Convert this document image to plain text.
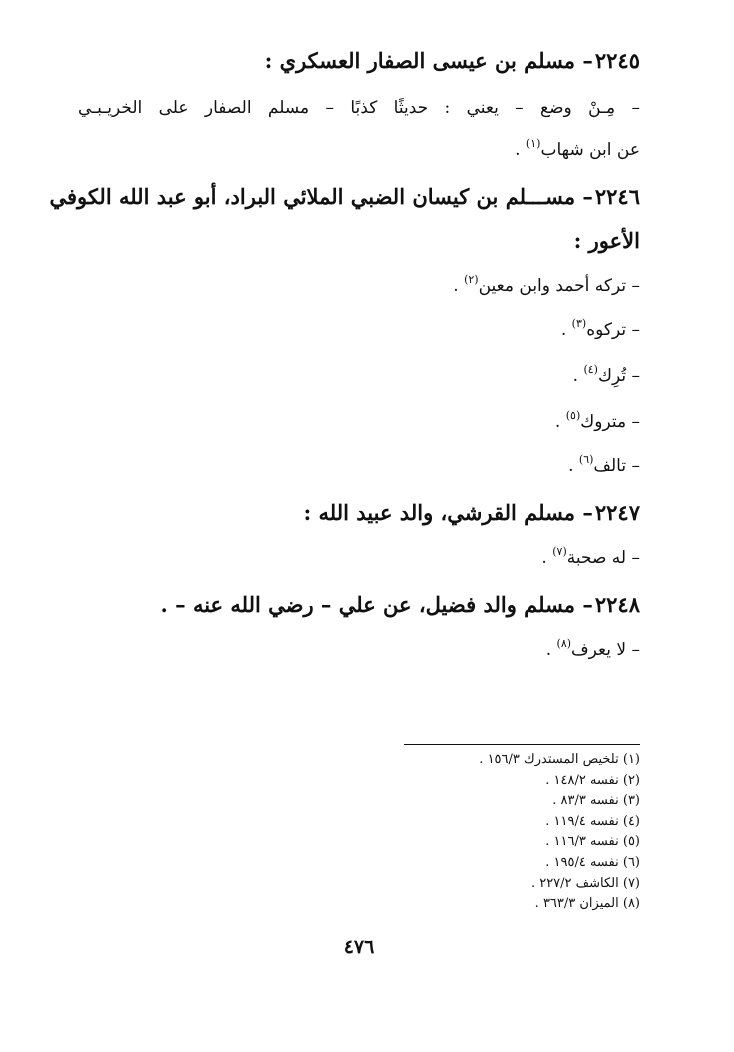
٢٢٤٥– مسلم بن عيسى الصفار العسكري :
– مِـنْ وضع – يعني : حديثًا كذبًا – مسلم الصفار على الخريـبـي
عن ابن شهاب$^{(١)}$ .
٢٢٤٦– مســـلم بن كيسان الضبي الملائي البراد، أبو عبد الله الكوفي
الأعور :
– تركه أحمد وابن معين$^{(٢)}$ .
– تركوه$^{(٣)}$ .
– تُرِك$^{(٤)}$ .
– متروك$^{(٥)}$ .
– تالف$^{(٦)}$ .
٢٢٤٧– مسلم القرشي، والد عبيد الله :
– له صحبة$^{(٧)}$ .
٢٢٤٨– مسلم والد فضيل، عن علي – رضي الله عنه – .
– لا يعرف$^{(٨)}$ .
(١) تلخيص المستدرك ١٥٦/٣ .
(٢) نفسه ١٤٨/٢ .
(٣) نفسه ٨٣/٣ .
(٤) نفسه ١١٩/٤ .
(٥) نفسه ١١٦/٣ .
(٦) نفسه ١٩٥/٤ .
(٧) الكاشف ٢٢٧/٢ .
(٨) الميزان ٣٦٣/٣ .
٤٧٦
